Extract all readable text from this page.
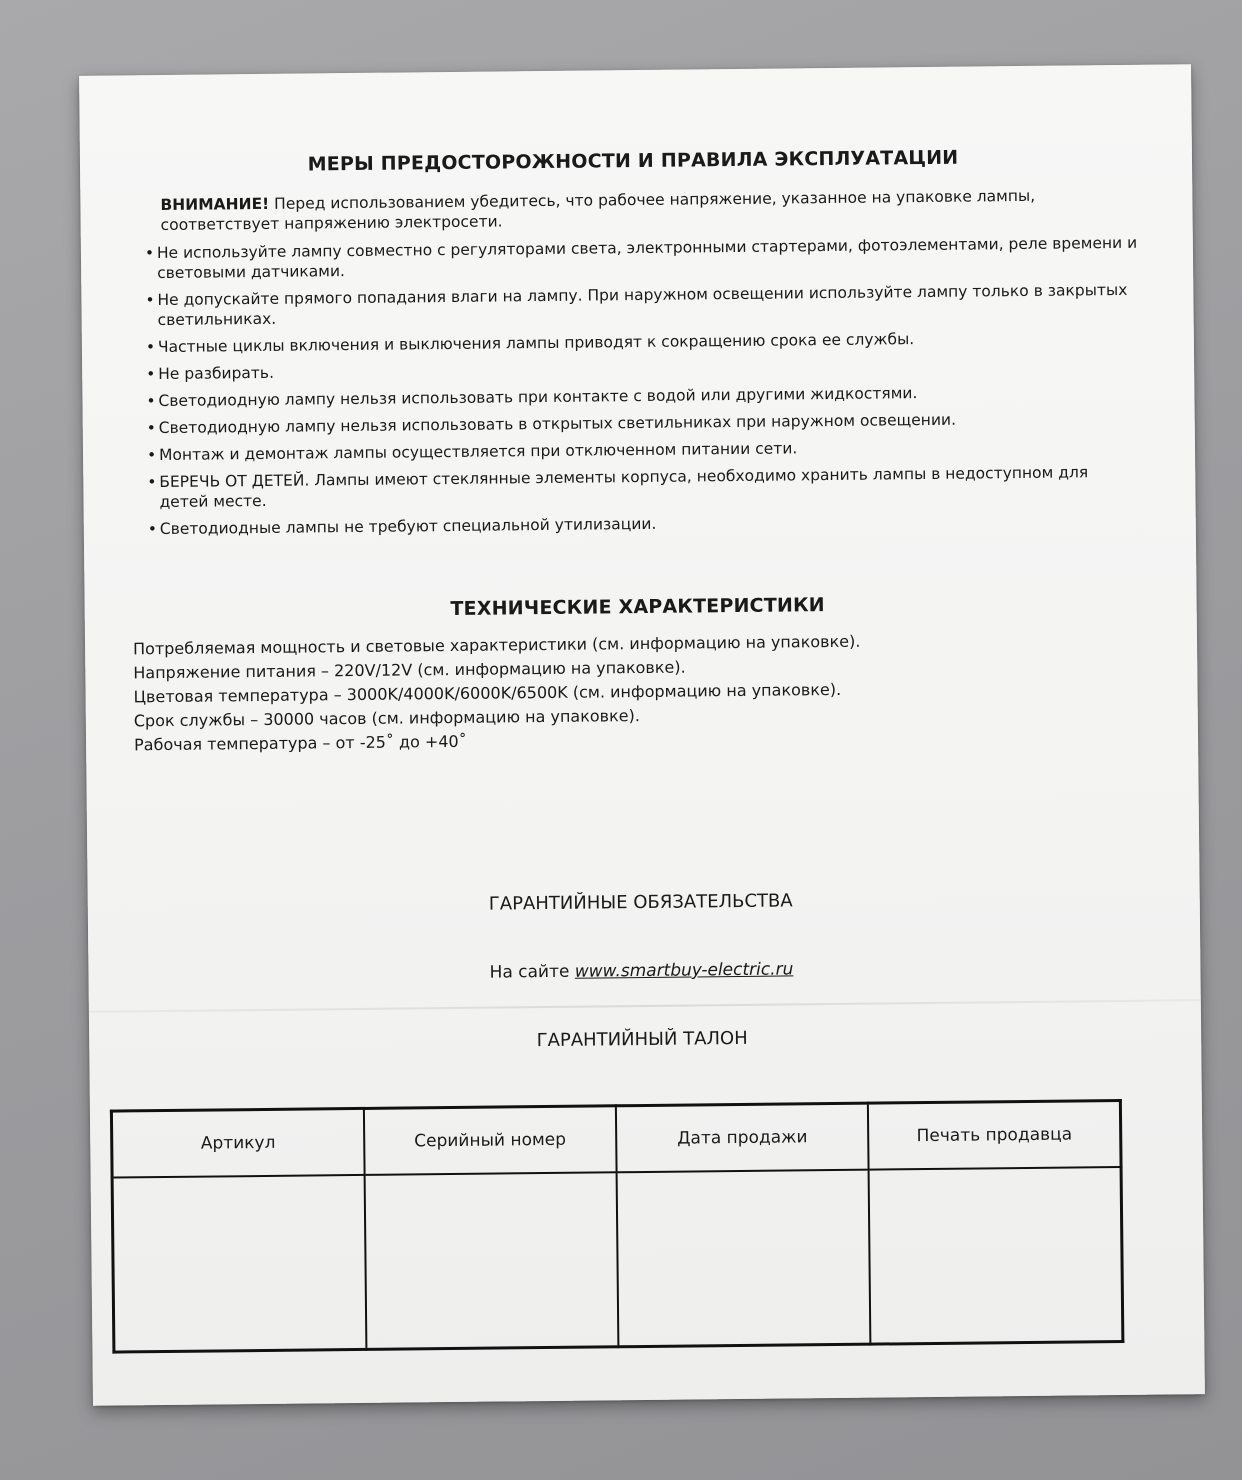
МЕРЫ ПРЕДОСТОРОЖНОСТИ И ПРАВИЛА ЭКСПЛУАТАЦИИ

ВНИМАНИЕ! Перед использованием убедитесь, что рабочее напряжение, указанное на упаковке лампы, соответствует напряжению электросети.

• Не используйте лампу совместно с регуляторами света, электронными стартерами, фотоэлементами, реле времени и световыми датчиками.
• Не допускайте прямого попадания влаги на лампу. При наружном освещении используйте лампу только в закрытых светильниках.
• Частные циклы включения и выключения лампы приводят к сокращению срока ее службы.
• Не разбирать.
• Светодиодную лампу нельзя использовать при контакте с водой или другими жидкостями.
• Светодиодную лампу нельзя использовать в открытых светильниках при наружном освещении.
• Монтаж и демонтаж лампы осуществляется при отключенном питании сети.
• БЕРЕЧЬ ОТ ДЕТЕЙ. Лампы имеют стеклянные элементы корпуса, необходимо хранить лампы в недоступном для детей месте.
• Светодиодные лампы не требуют специальной утилизации.
ТЕХНИЧЕСКИЕ ХАРАКТЕРИСТИКИ
Потребляемая мощность и световые характеристики (см. информацию на упаковке).
Напряжение питания – 220V/12V (см. информацию на упаковке).
Цветовая температура – 3000K/4000K/6000K/6500K (см. информацию на упаковке).
Срок службы – 30000 часов (см. информацию на упаковке).
Рабочая температура – от -25˚ до +40˚
ГАРАНТИЙНЫЕ ОБЯЗАТЕЛЬСТВА
На сайте www.smartbuy-electric.ru
ГАРАНТИЙНЫЙ ТАЛОН
Артикул	Серийный номер	Дата продажи	Печать продавца
